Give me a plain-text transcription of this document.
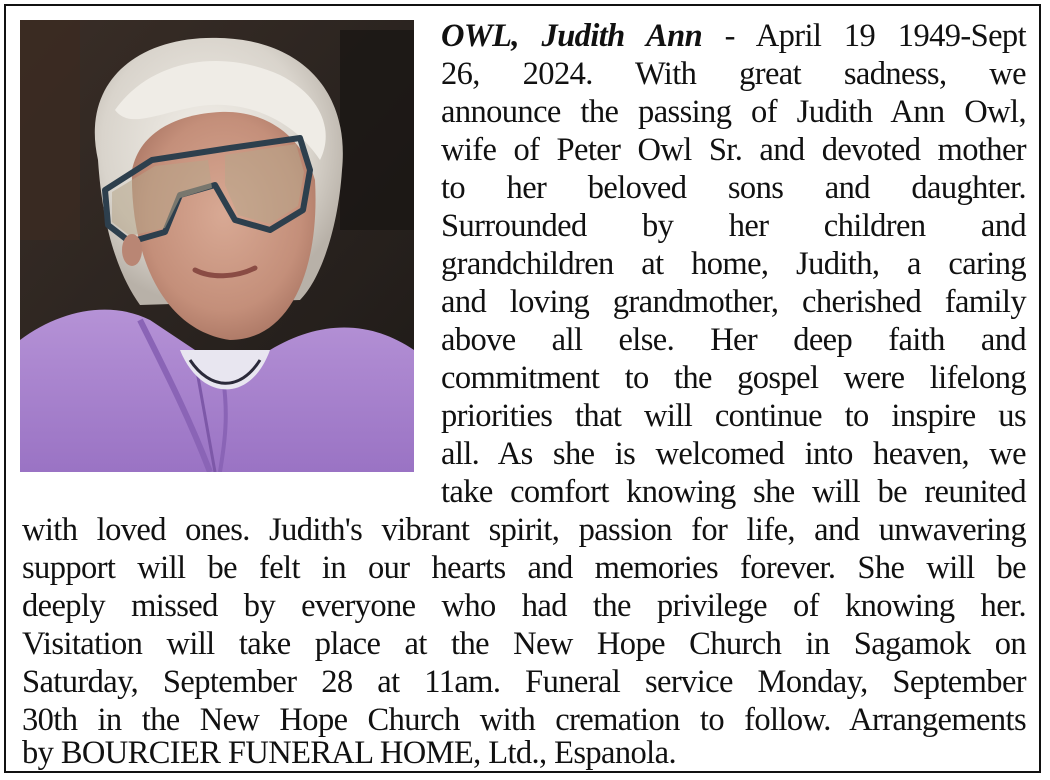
OWL, Judith Ann - April 19 1949-Sept
26, 2024. With great sadness, we
announce the passing of Judith Ann Owl,
wife of Peter Owl Sr. and devoted mother
to her beloved sons and daughter.
Surrounded by her children and
grandchildren at home, Judith, a caring
and loving grandmother, cherished family
above all else. Her deep faith and
commitment to the gospel were lifelong
priorities that will continue to inspire us
all. As she is welcomed into heaven, we
take comfort knowing she will be reunited
with loved ones. Judith's vibrant spirit, passion for life, and unwavering
support will be felt in our hearts and memories forever. She will be
deeply missed by everyone who had the privilege of knowing her.
Visitation will take place at the New Hope Church in Sagamok on
Saturday, September 28 at 11am. Funeral service Monday, September
30th in the New Hope Church with cremation to follow. Arrangements
by BOURCIER FUNERAL HOME, Ltd., Espanola.
